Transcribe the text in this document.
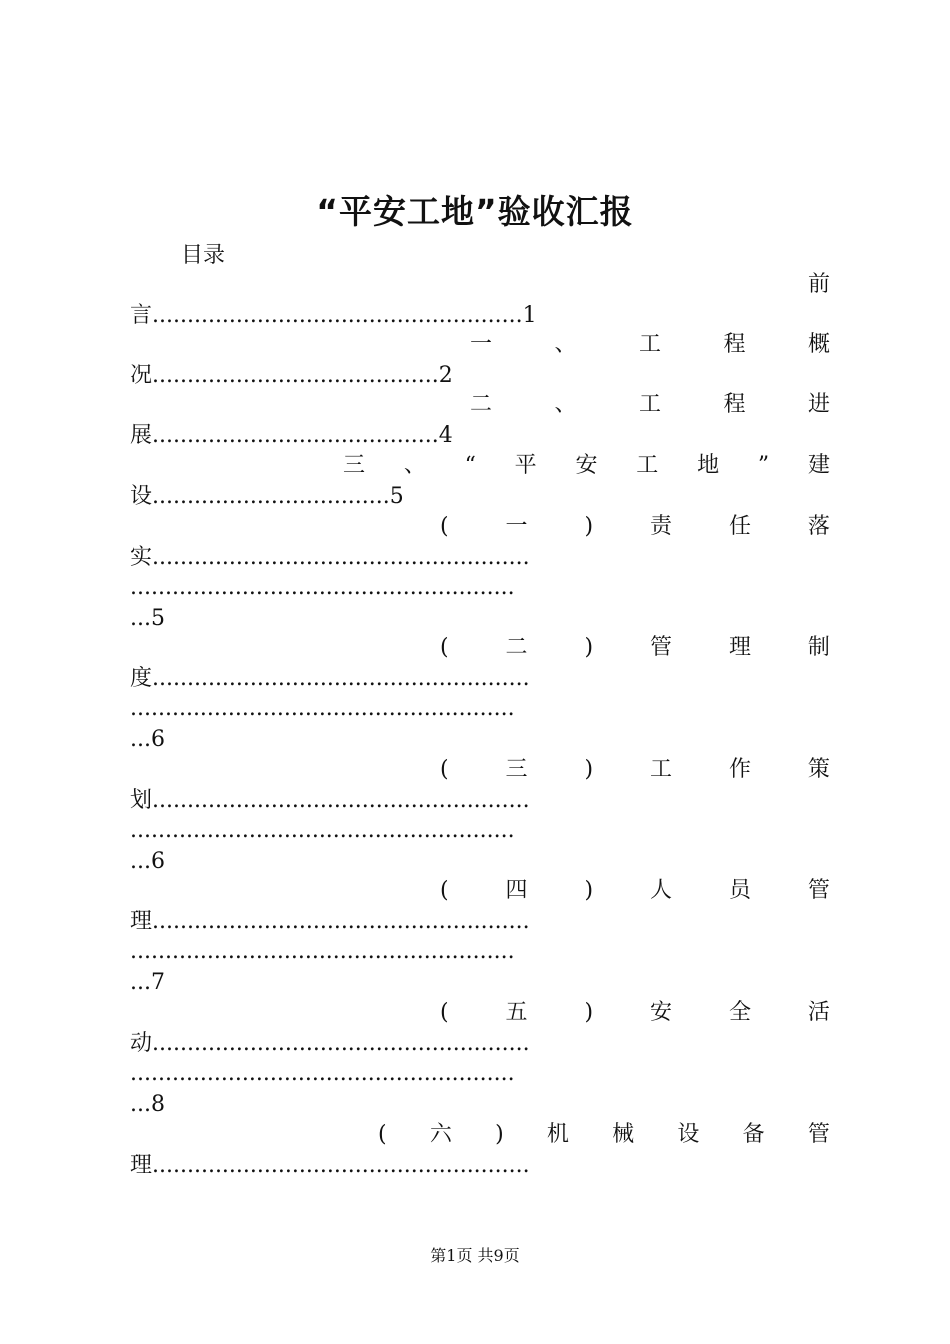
“平安工地”验收汇报
目录
前
言.....................................................1
一	、	工	程	概
况.........................................2
二	、	工	程	进
展.........................................4
三 、 “ 平 安 工 地 ” 建
设..................................5
(	一	)	责	任	落
实......................................................
.......................................................
...5
(	二	)	管	理	制
度......................................................
.......................................................
...6
(	三	)	工	作	策
划......................................................
.......................................................
...6
(	四	)	人	员	管
理......................................................
.......................................................
...7
(	五	)	安	全	活
动......................................................
.......................................................
...8
( 六 ) 机 械 设 备 管
理......................................................
第1页 共9页
